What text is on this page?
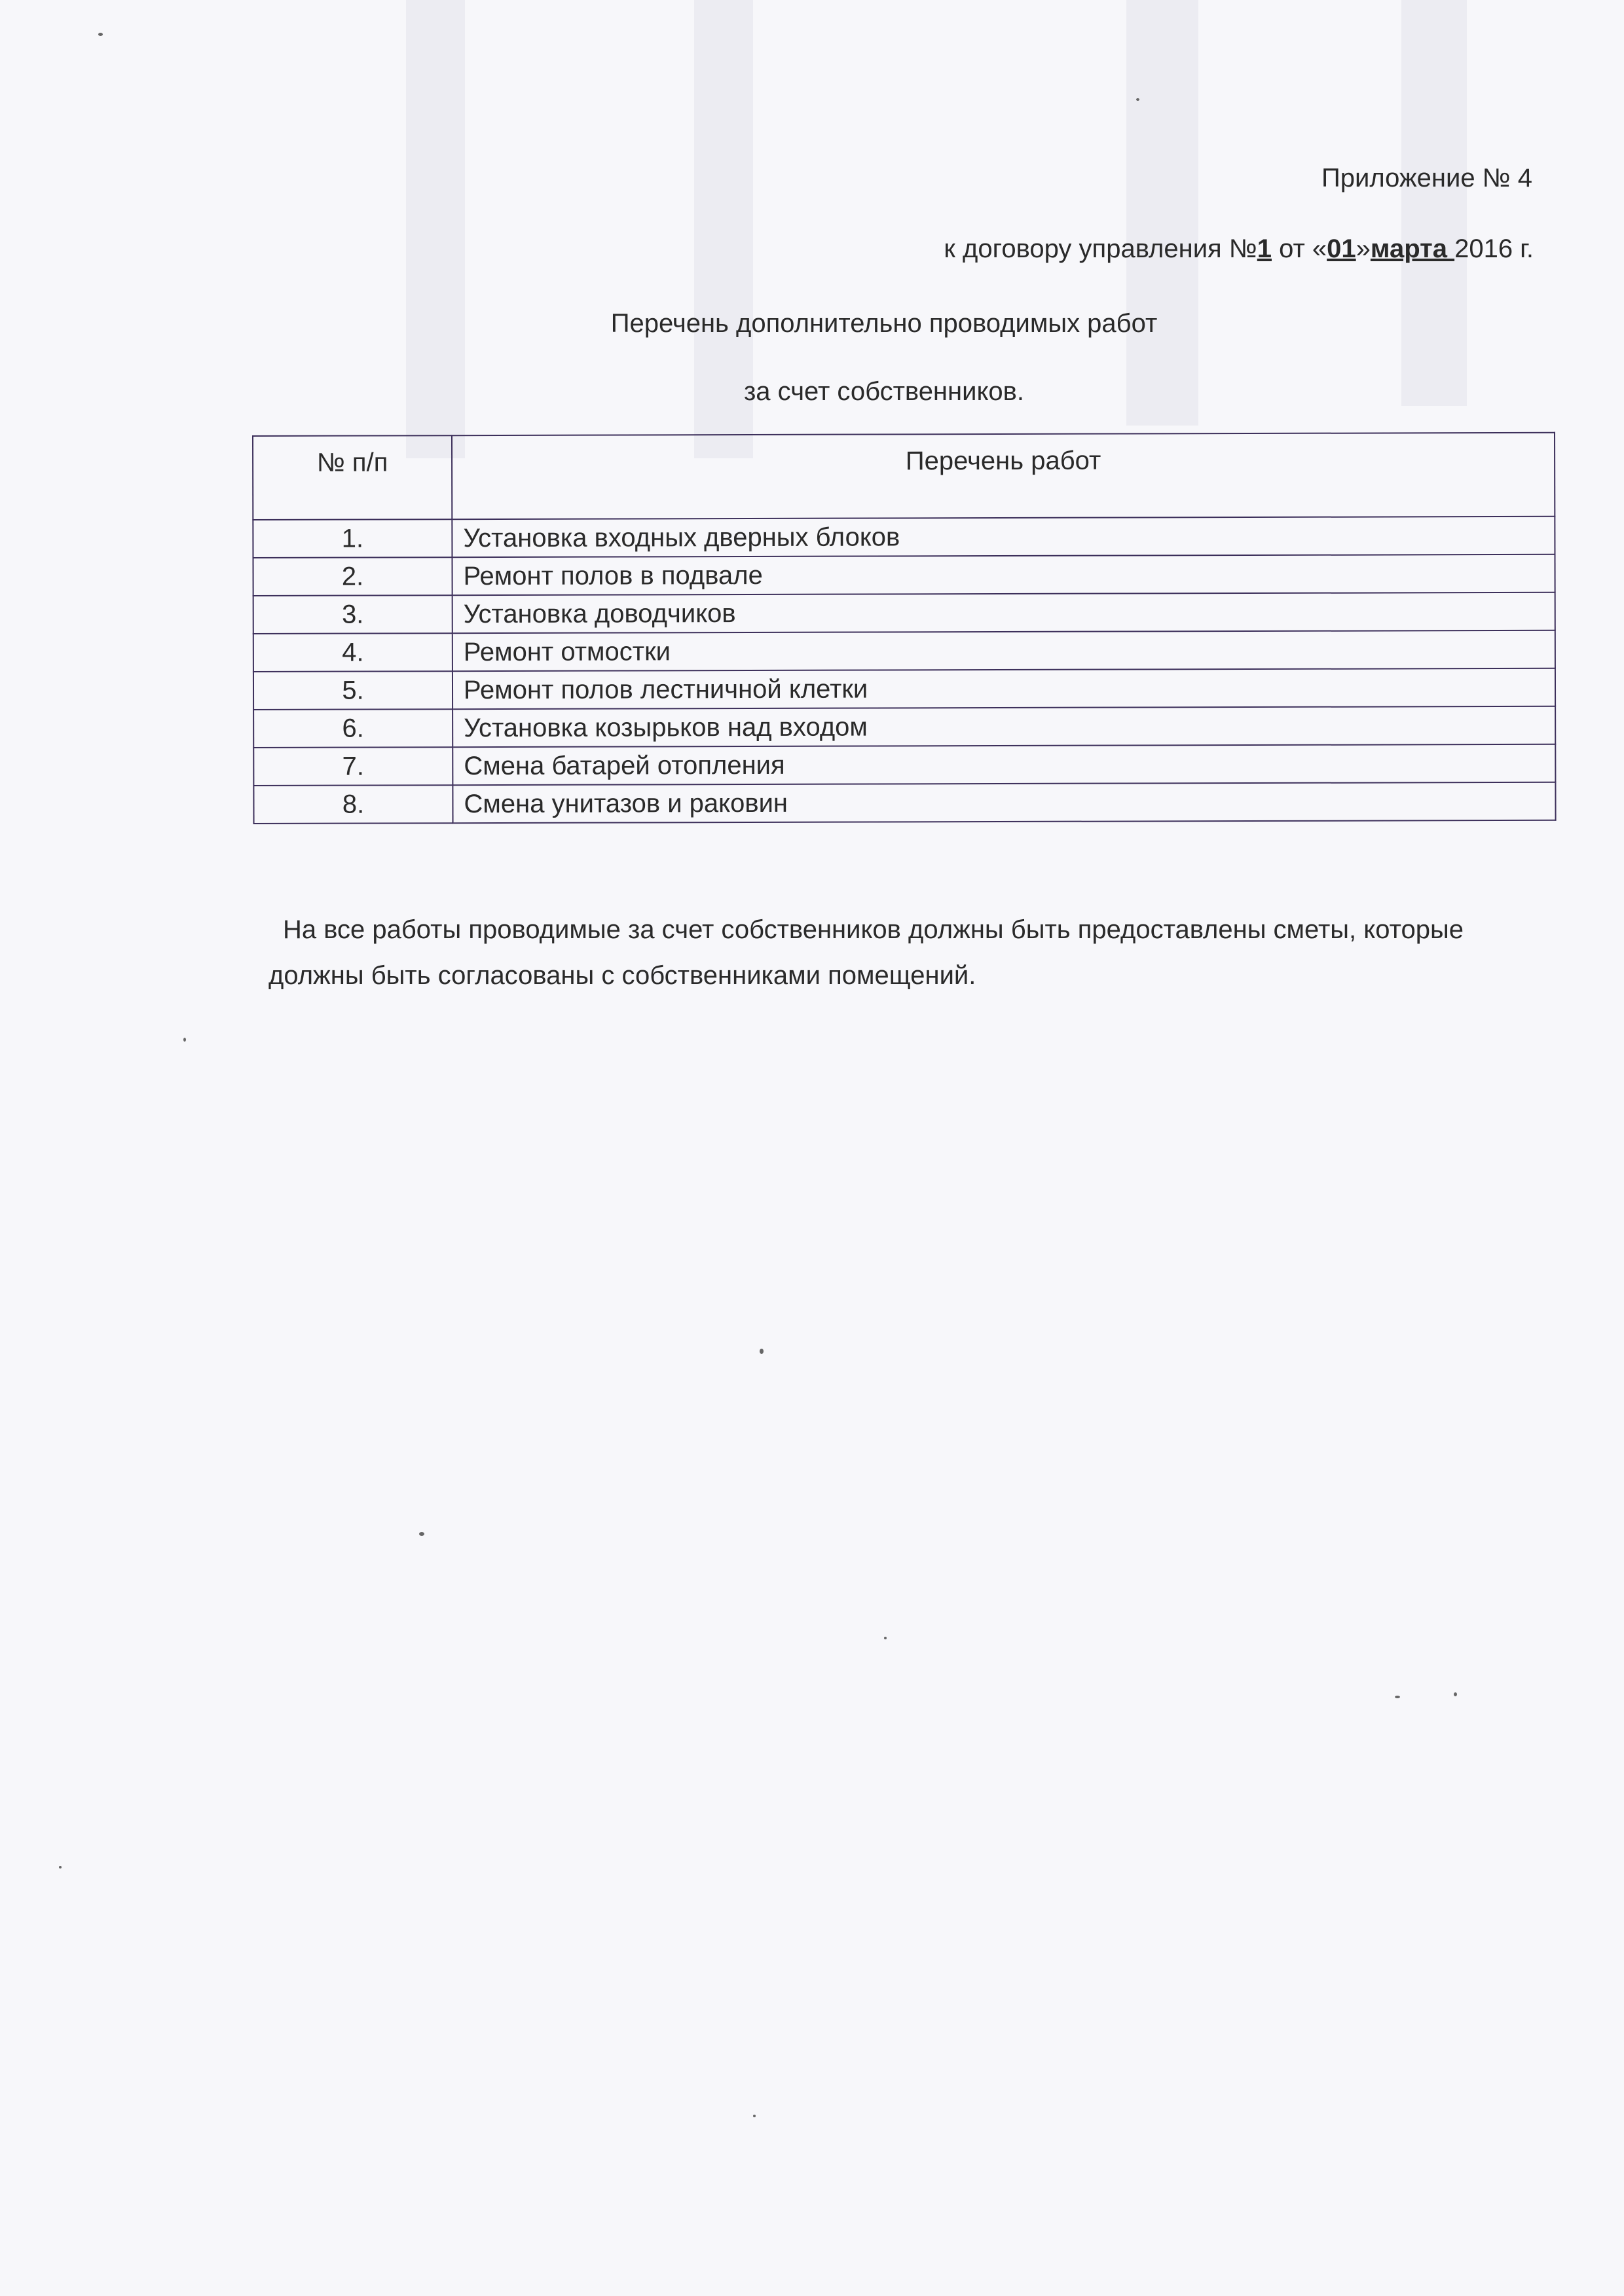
Приложение № 4
к договору управления №1 от «01»марта 2016 г.
Перечень дополнительно проводимых работ
за счет собственников.
№ п/п	Перечень работ
1.	Установка входных дверных блоков
2.	Ремонт полов в подвале
3.	Установка доводчиков
4.	Ремонт отмостки
5.	Ремонт полов лестничной клетки
6.	Установка козырьков над входом
7.	Смена батарей отопления
8.	Смена унитазов и раковин

На все работы проводимые за счет собственников должны быть предоставлены сметы, которые должны быть согласованы с собственниками помещений.
